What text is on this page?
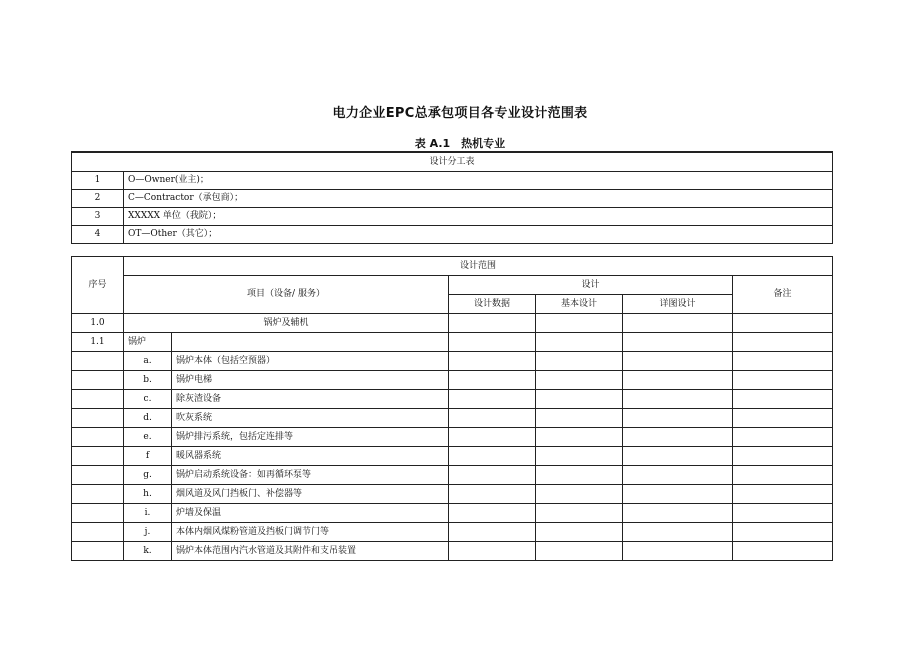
电力企业EPC总承包项目各专业设计范围表
表 A.1　热机专业
设计分工表	
1	O—Owner(业主)；
2	C—Contractor（承包商）；
3	XXXXX 单位（我院）；
4	OT—Other（其它）；
序号	设计范围					
	项目（设备/ 服务）		设计			备注
			设计数据	基本设计	详图设计	
1.0	锅炉及辅机					
1.1	锅炉					
	a.	锅炉本体（包括空预器）				
	b.	锅炉电梯				
	c.	除灰渣设备				
	d.	吹灰系统				
	e.	锅炉排污系统，包括定连排等				
	f	暖风器系统				
	g.	锅炉启动系统设备：如再循环泵等				
	h.	烟风道及风门挡板门、补偿器等				
	i.	炉墙及保温				
	j.	本体内烟风煤粉管道及挡板门调节门等				
	k.	锅炉本体范围内汽水管道及其附件和支吊装置				
